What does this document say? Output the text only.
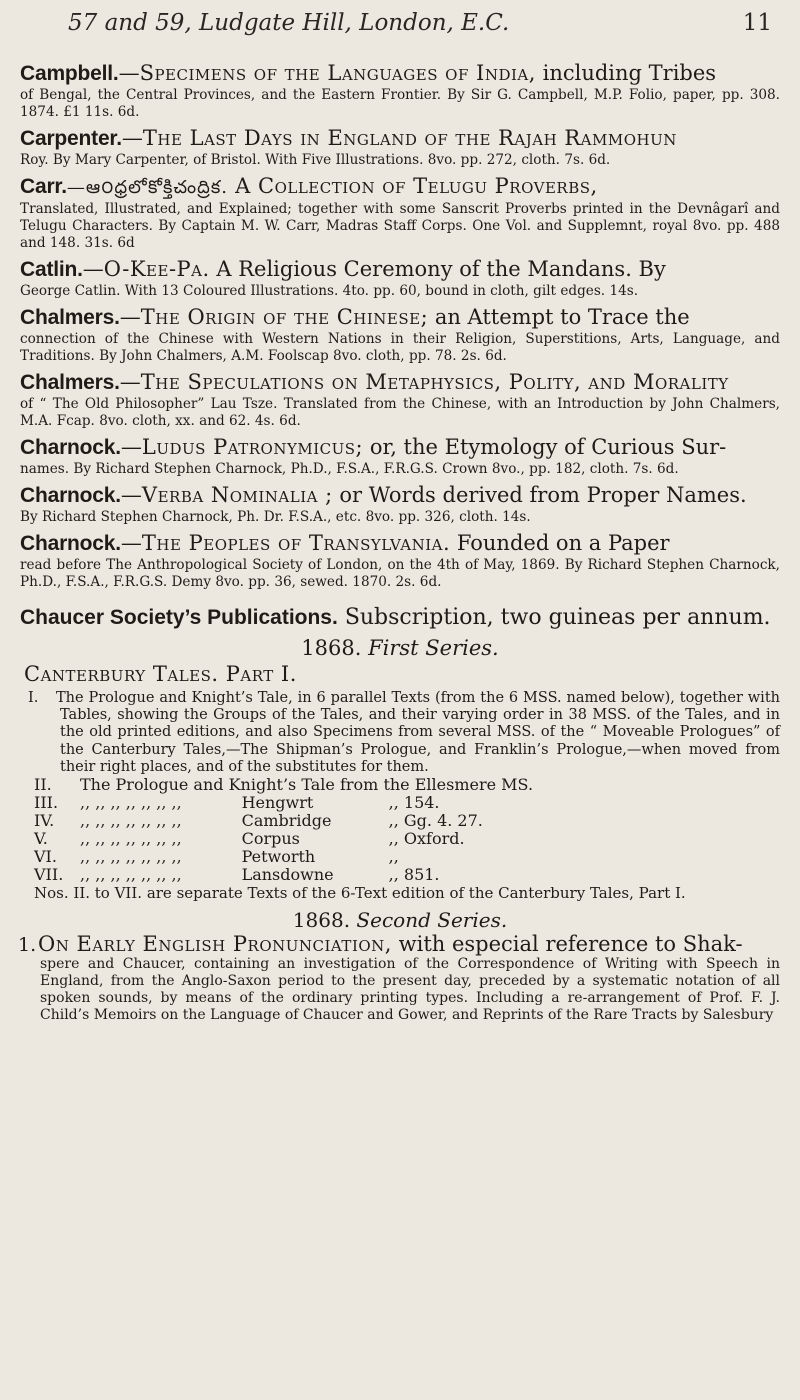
57 and 59, Ludgate Hill, London, E.C.	11
Campbell.—Specimens of the Languages of India, including Tribes
of Bengal, the Central Provinces, and the Eastern Frontier. By Sir G. Campbell, M.P. Folio, paper, pp. 308. 1874. £1 11s. 6d.
Carpenter.—The Last Days in England of the Rajah Rammohun
Roy. By Mary Carpenter, of Bristol. With Five Illustrations. 8vo. pp. 272, cloth. 7s. 6d.
Carr.—ఆ౦ధ్రలోకోక్తిచంద్రిక. A Collection of Telugu Proverbs,
Translated, Illustrated, and Explained; together with some Sanscrit Proverbs printed in the Devnâgarî and Telugu Characters. By Captain M. W. Carr, Madras Staff Corps. One Vol. and Supplemnt, royal 8vo. pp. 488 and 148. 31s. 6d
Catlin.—O-Kee-Pa. A Religious Ceremony of the Mandans. By
George Catlin. With 13 Coloured Illustrations. 4to. pp. 60, bound in cloth, gilt edges. 14s.
Chalmers.—The Origin of the Chinese; an Attempt to Trace the
connection of the Chinese with Western Nations in their Religion, Superstitions, Arts, Language, and Traditions. By John Chalmers, A.M. Foolscap 8vo. cloth, pp. 78. 2s. 6d.
Chalmers.—The Speculations on Metaphysics, Polity, and Morality
of “ The Old Philosopher” Lau Tsze. Translated from the Chinese, with an Introduction by John Chalmers, M.A. Fcap. 8vo. cloth, xx. and 62. 4s. 6d.
Charnock.—Ludus Patronymicus; or, the Etymology of Curious Sur-
names. By Richard Stephen Charnock, Ph.D., F.S.A., F.R.G.S. Crown 8vo., pp. 182, cloth. 7s. 6d.
Charnock.—Verba Nominalia ; or Words derived from Proper Names.
By Richard Stephen Charnock, Ph. Dr. F.S.A., etc. 8vo. pp. 326, cloth. 14s.
Charnock.—The Peoples of Transylvania. Founded on a Paper
read before The Anthropological Society of London, on the 4th of May, 1869. By Richard Stephen Charnock, Ph.D., F.S.A., F.R.G.S. Demy 8vo. pp. 36, sewed. 1870. 2s. 6d.
Chaucer Society’s Publications. Subscription, two guineas per annum.
1868. First Series.
Canterbury Tales. Part I.
I. The Prologue and Knight’s Tale, in 6 parallel Texts (from the 6 MSS. named below), together with Tables, showing the Groups of the Tales, and their varying order in 38 MSS. of the Tales, and in the old printed editions, and also Specimens from several MSS. of the “ Moveable Prologues” of the Canterbury Tales,—The Shipman’s Prologue, and Franklin’s Prologue,—when moved from their right places, and of the substitutes for them.
II.	The Prologue and Knight’s Tale from the Ellesmere MS.		
III.	,, ,, ,, ,, ,, ,, ,,	Hengwrt	,, 154.
IV.	,, ,, ,, ,, ,, ,, ,,	Cambridge	,, Gg. 4. 27.
V.	,, ,, ,, ,, ,, ,, ,,	Corpus	,, Oxford.
VI.	,, ,, ,, ,, ,, ,, ,,	Petworth	,,
VII.	,, ,, ,, ,, ,, ,, ,,	Lansdowne	,, 851.
Nos. II. to VII. are separate Texts of the 6-Text edition of the Canterbury Tales, Part I.
1868. Second Series.
1.On Early English Pronunciation, with especial reference to Shak-
spere and Chaucer, containing an investigation of the Correspondence of Writing with Speech in England, from the Anglo-Saxon period to the present day, preceded by a systematic notation of all spoken sounds, by means of the ordinary printing types. Including a re-arrangement of Prof. F. J. Child’s Memoirs on the Language of Chaucer and Gower, and Reprints of the Rare Tracts by Salesbury
